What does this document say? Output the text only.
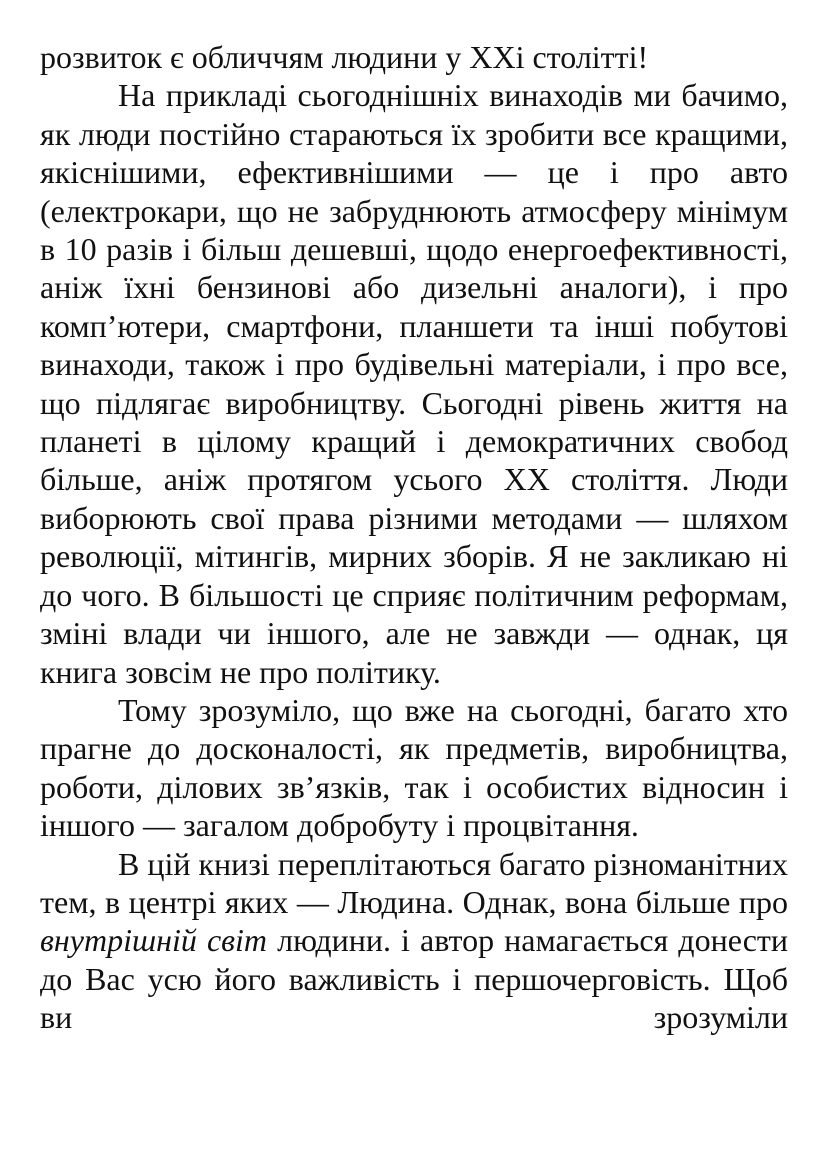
розвиток є обличчям людини у ХХі столітті!

На прикладі сьогоднішніх винаходів ми бачимо, як люди постійно стараються їх зробити все кращими, якіснішими, ефективнішими — це і про авто (електрокари, що не забруднюють атмосферу мінімум в 10 разів і більш дешевші, щодо енергоефективності, аніж їхні бензинові або дизельні аналоги), і про комп’ютери, смартфони, планшети та інші побутові винаходи, також і про будівельні матеріали, і про все, що підлягає виробництву. Сьогодні рівень життя на планеті в цілому кращий і демократичних свобод більше, аніж протягом усього ХХ століття. Люди виборюють свої права різними методами — шляхом революції, мітингів, мирних зборів. Я не закликаю ні до чого. В більшості це сприяє політичним реформам, зміні влади чи іншого, але не завжди — однак, ця книга зовсім не про політику.

Тому зрозуміло, що вже на сьогодні, багато хто прагне до досконалості, як предметів, виробництва, роботи, ділових зв’язків, так і особистих відносин і іншого — загалом добробуту і процвітання.

В цій книзі переплітаються багато різноманітних тем, в центрі яких — Людина. Однак, вона більше про внутрішній світ людини. і автор намагається донести до Вас усю його важливість і першочерговість. Щоб ви зрозуміли
